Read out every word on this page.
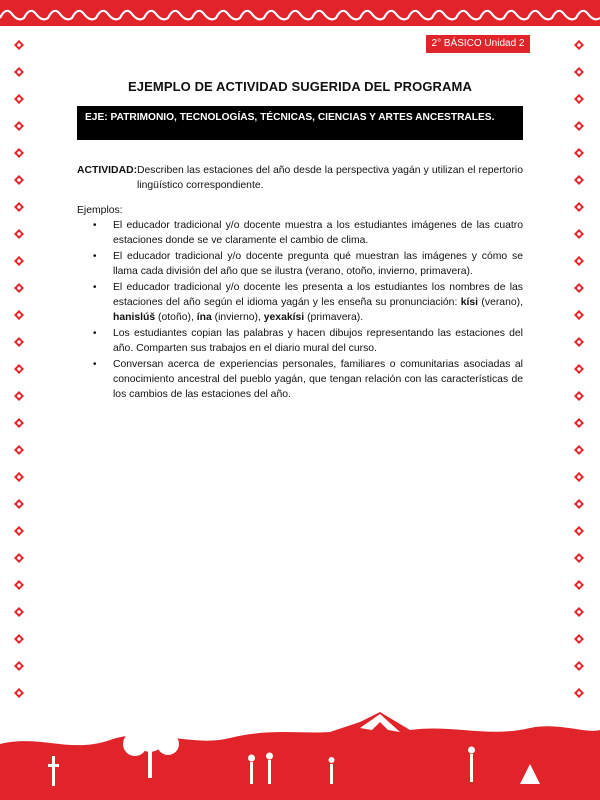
2° BÁSICO Unidad 2
EJEMPLO DE ACTIVIDAD SUGERIDA DEL PROGRAMA
EJE: PATRIMONIO, TECNOLOGÍAS, TÉCNICAS, CIENCIAS Y ARTES ANCESTRALES.
ACTIVIDAD: Describen las estaciones del año desde la perspectiva yagán y utilizan el repertorio lingüístico correspondiente.
Ejemplos:
• El educador tradicional y/o docente muestra a los estudiantes imágenes de las cuatro estaciones donde se ve claramente el cambio de clima.
• El educador tradicional y/o docente pregunta qué muestran las imágenes y cómo se llama cada división del año que se ilustra (verano, otoño, invierno, primavera).
• El educador tradicional y/o docente les presenta a los estudiantes los nombres de las estaciones del año según el idioma yagán y les enseña su pronunciación: kísi (verano), hanislúš (otoño), ína (invierno), yexakísi (primavera).
• Los estudiantes copian las palabras y hacen dibujos representando las estaciones del año. Comparten sus trabajos en el diario mural del curso.
• Conversan acerca de experiencias personales, familiares o comunitarias asociadas al conocimiento ancestral del pueblo yagán, que tengan relación con las características de los cambios de las estaciones del año.
